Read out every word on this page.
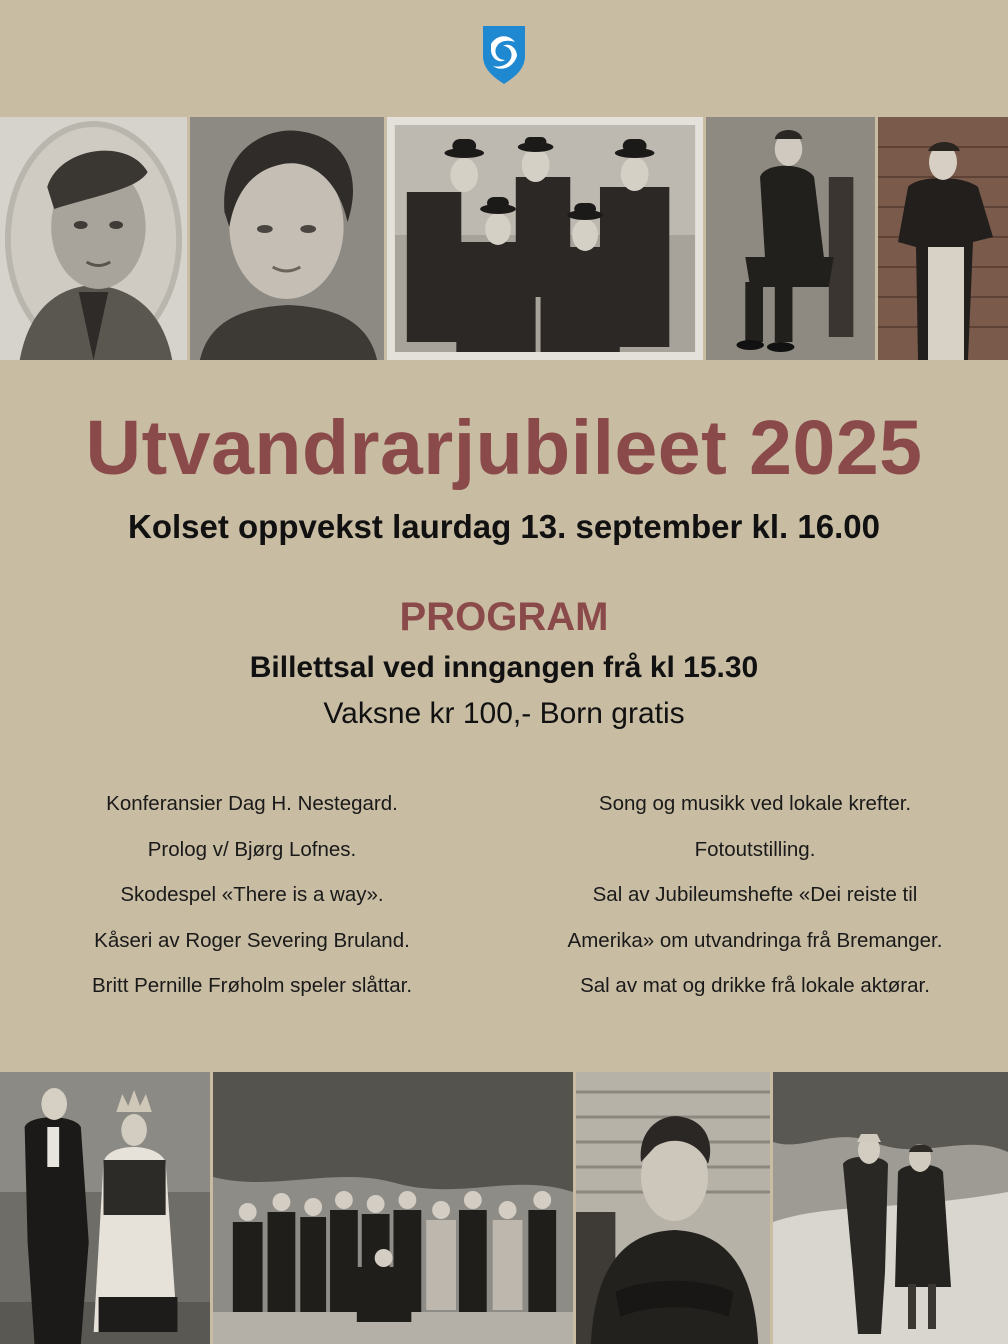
Utvandrarjubileet 2025

Kolset oppvekst laurdag 13. september kl. 16.00

PROGRAM

Billettsal ved inngangen frå kl 15.30

Vaksne kr 100,- Born gratis

Konferansier Dag H. Nestegard.
Prolog v/ Bjørg Lofnes.
Skodespel «There is a way».
Kåseri av Roger Severing Bruland.
Britt Pernille Frøholm speler slåttar.
Song og musikk ved lokale krefter.
Fotoutstilling.
Sal av Jubileumshefte «Dei reiste til
Amerika» om utvandringa frå Bremanger.
Sal av mat og drikke frå lokale aktørar.
